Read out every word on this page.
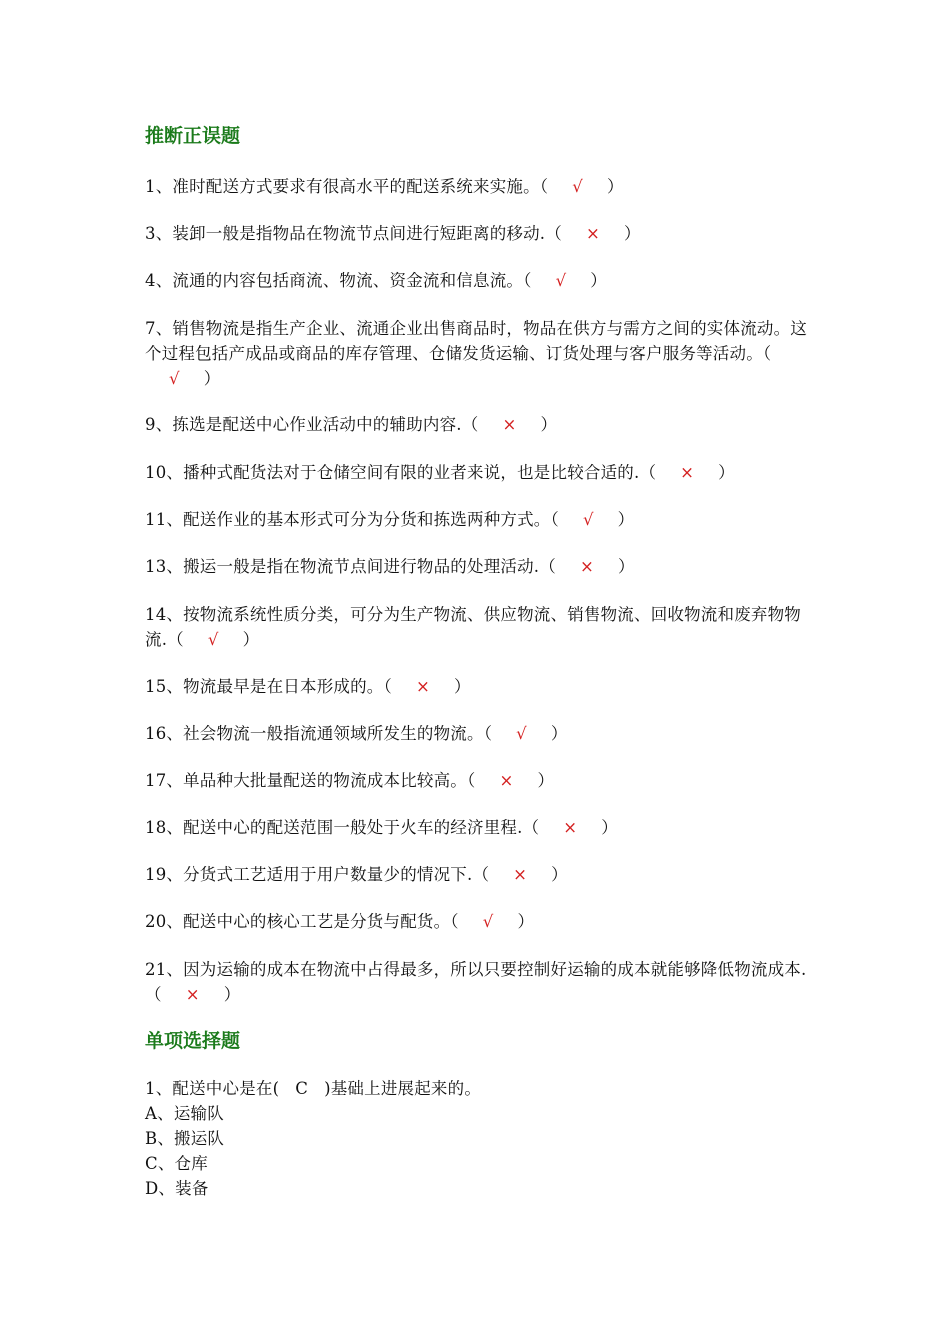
推断正误题
1、准时配送方式要求有很高水平的配送系统来实施。（ √ ）
3、装卸一般是指物品在物流节点间进行短距离的移动.（ × ）
4、流通的内容包括商流、物流、资金流和信息流。（ √ ）
7、销售物流是指生产企业、流通企业出售商品时，物品在供方与需方之间的实体流动。这个过程包括产成品或商品的库存管理、仓储发货运输、订货处理与客户服务等活动。（√ ）
9、拣选是配送中心作业活动中的辅助内容.（ × ）
10、播种式配货法对于仓储空间有限的业者来说，也是比较合适的.（ × ）
11、配送作业的基本形式可分为分货和拣选两种方式。（ √ ）
13、搬运一般是指在物流节点间进行物品的处理活动.（ × ）
14、按物流系统性质分类，可分为生产物流、供应物流、销售物流、回收物流和废弃物物流.（ √ ）
15、物流最早是在日本形成的。（ × ）
16、社会物流一般指流通领域所发生的物流。（ √ ）
17、单品种大批量配送的物流成本比较高。（ × ）
18、配送中心的配送范围一般处于火车的经济里程.（ × ）
19、分货式工艺适用于用户数量少的情况下.（ × ）
20、配送中心的核心工艺是分货与配货。（ √ ）
21、因为运输的成本在物流中占得最多，所以只要控制好运输的成本就能够降低物流成本.（ × ）
单项选择题
1、配送中心是在( C )基础上进展起来的。
A、运输队
B、搬运队
C、仓库
D、装备
